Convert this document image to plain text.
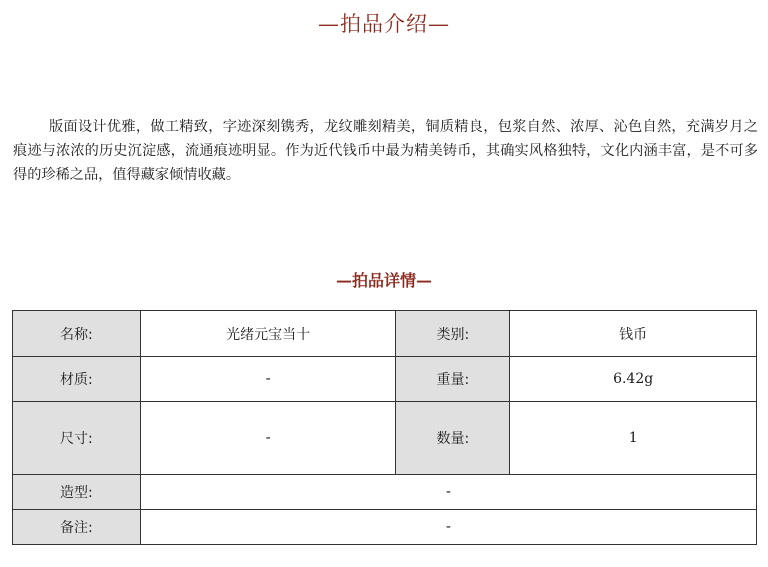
—拍品介绍—

版面设计优雅，做工精致，字迹深刻镌秀，龙纹雕刻精美，铜质精良，包浆自然、浓厚、沁色自然，充满岁月之痕迹与浓浓的历史沉淀感，流通痕迹明显。作为近代钱币中最为精美铸币，其确实风格独特，文化内涵丰富，是不可多得的珍稀之品，值得藏家倾情收藏。

—拍品详情—
名称:	光绪元宝当十	类别:	钱币
材质:	-	重量:	6.42g
尺寸:	-	数量:	1
造型:	-		
备注:	-		
